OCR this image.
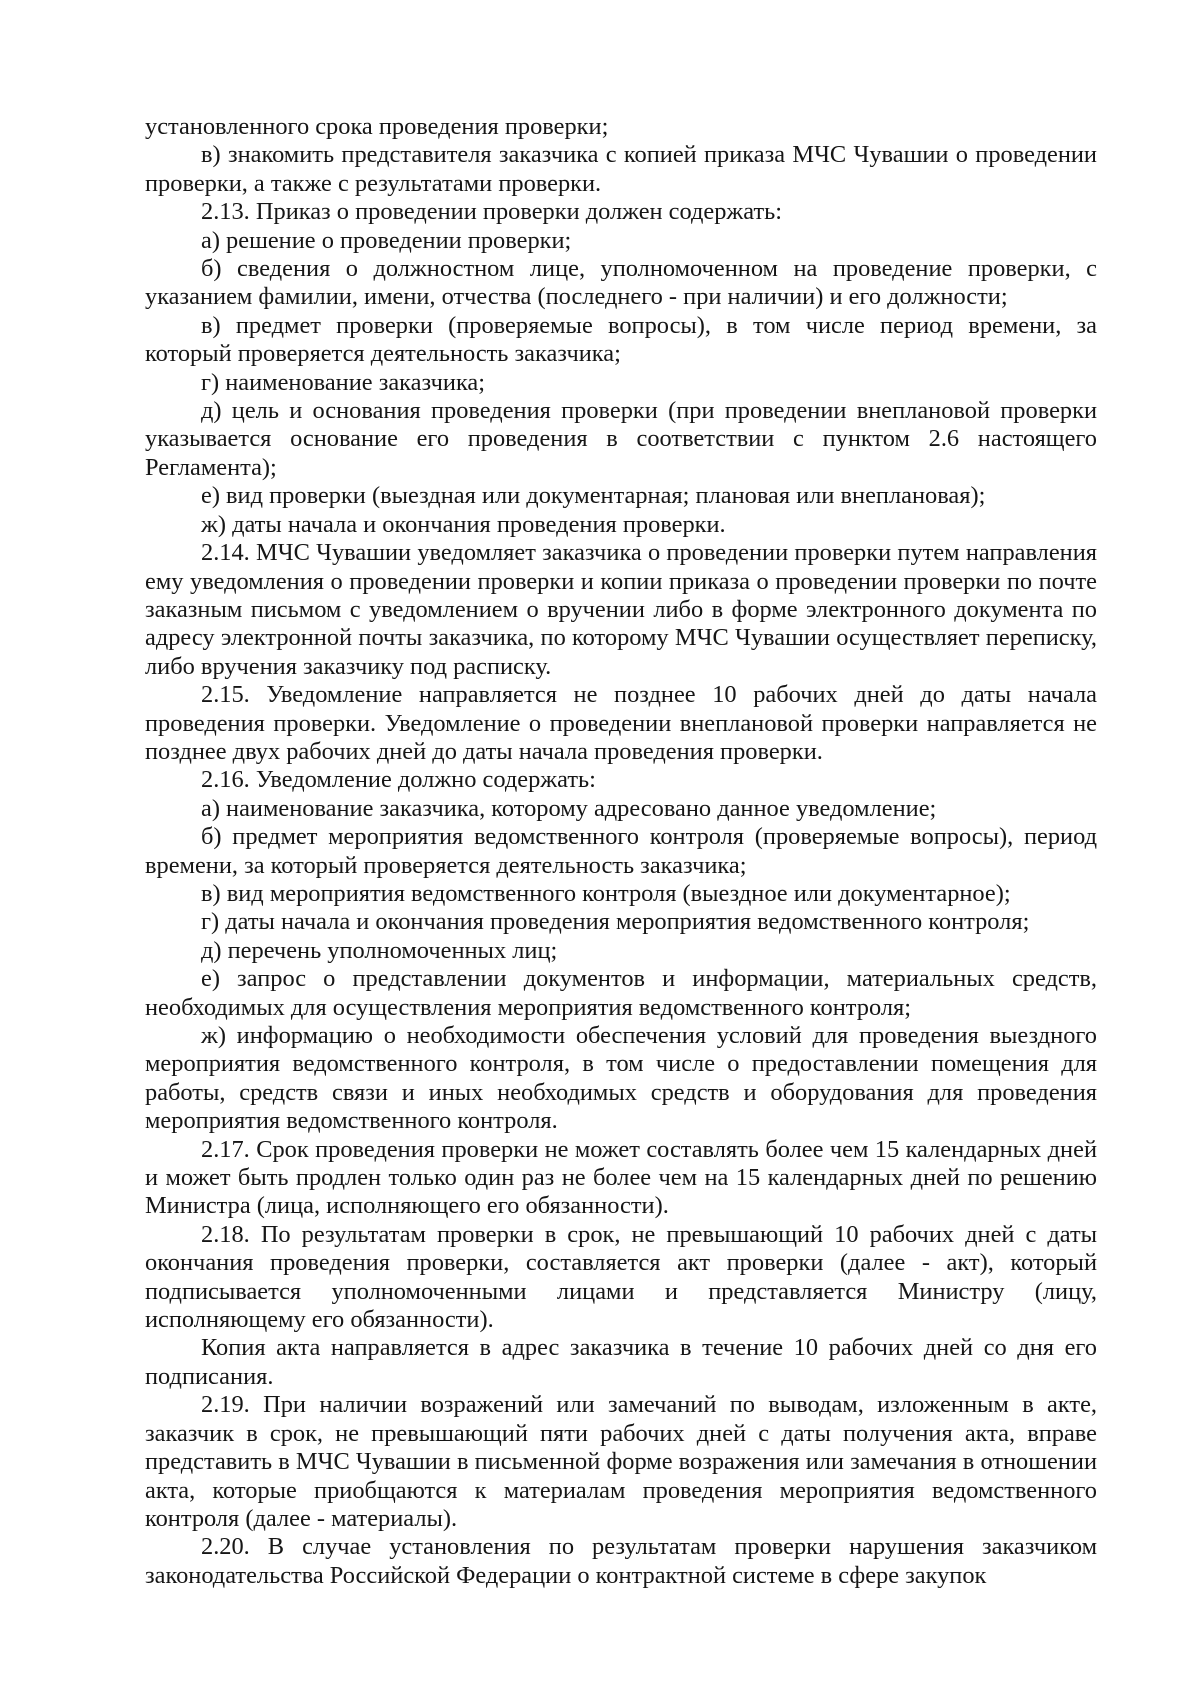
установленного срока проведения проверки;

в) знакомить представителя заказчика с копией приказа МЧС Чувашии о проведении проверки, а также с результатами проверки.

2.13. Приказ о проведении проверки должен содержать:

а) решение о проведении проверки;

б) сведения о должностном лице, уполномоченном на проведение проверки, с указанием фамилии, имени, отчества (последнего - при наличии) и его должности;

в) предмет проверки (проверяемые вопросы), в том числе период времени, за который проверяется деятельность заказчика;

г) наименование заказчика;

д) цель и основания проведения проверки (при проведении внеплановой проверки указывается основание его проведения в соответствии с пунктом 2.6 настоящего Регламента);

е) вид проверки (выездная или документарная; плановая или внеплановая);

ж) даты начала и окончания проведения проверки.

2.14. МЧС Чувашии уведомляет заказчика о проведении проверки путем направления ему уведомления о проведении проверки и копии приказа о проведении проверки по почте заказным письмом с уведомлением о вручении либо в форме электронного документа по адресу электронной почты заказчика, по которому МЧС Чувашии осуществляет переписку, либо вручения заказчику под расписку.

2.15. Уведомление направляется не позднее 10 рабочих дней до даты начала проведения проверки. Уведомление о проведении внеплановой проверки направляется не позднее двух рабочих дней до даты начала проведения проверки.

2.16. Уведомление должно содержать:

а) наименование заказчика, которому адресовано данное уведомление;

б) предмет мероприятия ведомственного контроля (проверяемые вопросы), период времени, за который проверяется деятельность заказчика;

в) вид мероприятия ведомственного контроля (выездное или документарное);

г) даты начала и окончания проведения мероприятия ведомственного контроля;

д) перечень уполномоченных лиц;

е) запрос о представлении документов и информации, материальных средств, необходимых для осуществления мероприятия ведомственного контроля;

ж) информацию о необходимости обеспечения условий для проведения выездного мероприятия ведомственного контроля, в том числе о предоставлении помещения для работы, средств связи и иных необходимых средств и оборудования для проведения мероприятия ведомственного контроля.

2.17. Срок проведения проверки не может составлять более чем 15 календарных дней и может быть продлен только один раз не более чем на 15 календарных дней по решению Министра (лица, исполняющего его обязанности).

2.18. По результатам проверки в срок, не превышающий 10 рабочих дней с даты окончания проведения проверки, составляется акт проверки (далее - акт), который подписывается уполномоченными лицами и представляется Министру (лицу, исполняющему его обязанности).

Копия акта направляется в адрес заказчика в течение 10 рабочих дней со дня его подписания.

2.19. При наличии возражений или замечаний по выводам, изложенным в акте, заказчик в срок, не превышающий пяти рабочих дней с даты получения акта, вправе представить в МЧС Чувашии в письменной форме возражения или замечания в отношении акта, которые приобщаются к материалам проведения мероприятия ведомственного контроля (далее - материалы).

2.20. В случае установления по результатам проверки нарушения заказчиком законодательства Российской Федерации о контрактной системе в сфере закупок
